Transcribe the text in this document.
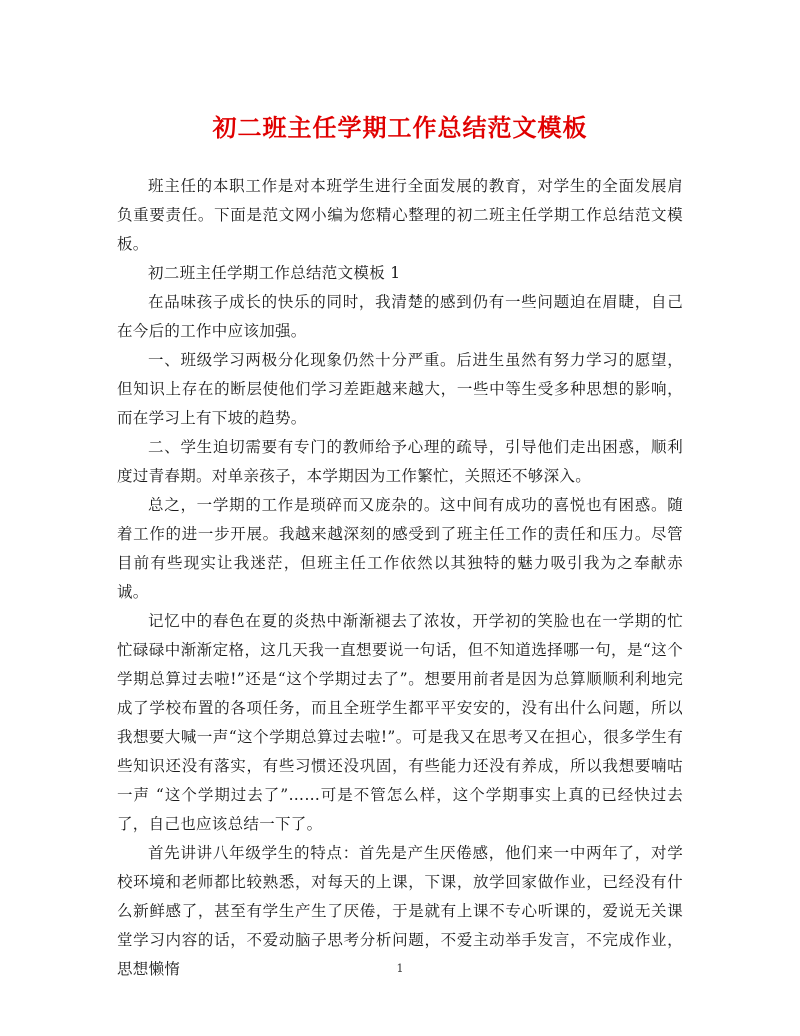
初二班主任学期工作总结范文模板

班主任的本职工作是对本班学生进行全面发展的教育，对学生的全面发展肩负重要责任。下面是范文网小编为您精心整理的初二班主任学期工作总结范文模板。

初二班主任学期工作总结范文模板 1

在品味孩子成长的快乐的同时，我清楚的感到仍有一些问题迫在眉睫，自己在今后的工作中应该加强。

一、班级学习两极分化现象仍然十分严重。后进生虽然有努力学习的愿望，但知识上存在的断层使他们学习差距越来越大，一些中等生受多种思想的影响，而在学习上有下坡的趋势。

二、学生迫切需要有专门的教师给予心理的疏导，引导他们走出困惑，顺利度过青春期。对单亲孩子，本学期因为工作繁忙，关照还不够深入。

总之，一学期的工作是琐碎而又庞杂的。这中间有成功的喜悦也有困惑。随着工作的进一步开展。我越来越深刻的感受到了班主任工作的责任和压力。尽管目前有些现实让我迷茫，但班主任工作依然以其独特的魅力吸引我为之奉献赤诚。

记忆中的春色在夏的炎热中渐渐褪去了浓妆，开学初的笑脸也在一学期的忙忙碌碌中渐渐定格，这几天我一直想要说一句话，但不知道选择哪一句，是“这个学期总算过去啦!”还是“这个学期过去了”。想要用前者是因为总算顺顺利利地完成了学校布置的各项任务，而且全班学生都平平安安的，没有出什么问题，所以我想要大喊一声“这个学期总算过去啦!”。可是我又在思考又在担心，很多学生有些知识还没有落实，有些习惯还没巩固，有些能力还没有养成，所以我想要喃咕一声 “这个学期过去了”……可是不管怎么样，这个学期事实上真的已经快过去了，自己也应该总结一下了。

首先讲讲八年级学生的特点：首先是产生厌倦感，他们来一中两年了，对学校环境和老师都比较熟悉，对每天的上课，下课，放学回家做作业，已经没有什么新鲜感了，甚至有学生产生了厌倦，于是就有上课不专心听课的，爱说无关课堂学习内容的话，不爱动脑子思考分析问题，不爱主动举手发言，不完成作业，思想懒惰	1
